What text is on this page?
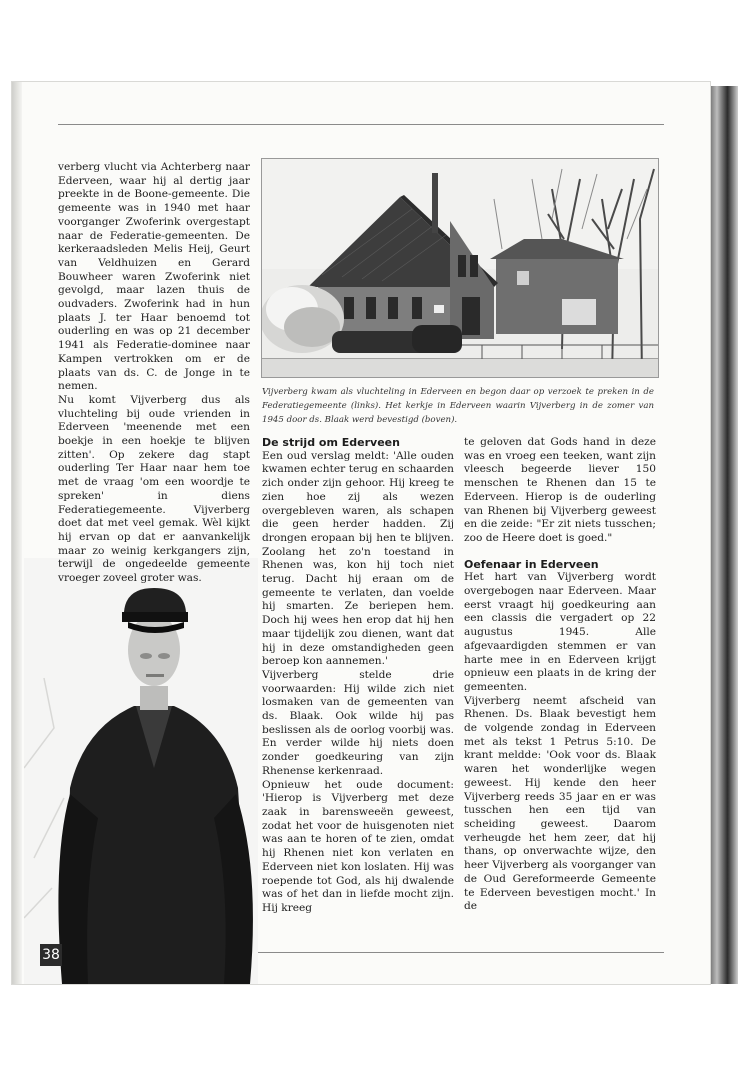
Vijverberg kwam als vluchteling in Ederveen en begon daar op verzoek te preken in de Federatiegemeente (links). Het kerkje in Ederveen waarin Vijverberg in de zomer van 1945 door ds. Blaak werd bevestigd (boven).

verberg vlucht via Achterberg naar Ederveen, waar hij al dertig jaar preekte in de Boone-gemeente. Die gemeente was in 1940 met haar voorganger Zwoferink overgestapt naar de Federatie-gemeenten. De kerkeraadsleden Melis Heij, Geurt van Veldhuizen en Gerard Bouwheer waren Zwoferink niet gevolgd, maar lazen thuis de oudvaders. Zwoferink had in hun plaats J. ter Haar benoemd tot ouderling en was op 21 december 1941 als Federatie-dominee naar Kampen vertrokken om er de plaats van ds. C. de Jonge in te nemen.

Nu komt Vijverberg dus als vluchteling bij oude vrienden in Ederveen 'meenende met een boekje in een hoekje te blijven zitten'. Op zekere dag stapt ouderling Ter Haar naar hem toe met de vraag 'om een woordje te spreken' in diens Federatiegemeente. Vijverberg doet dat met veel gemak. Wèl kijkt hij ervan op dat er aanvankelijk maar zo weinig kerkgangers zijn, terwijl de ongedeelde gemeente vroeger zoveel groter was.

De strijd om Ederveen

Een oud verslag meldt: 'Alle ouden kwamen echter terug en schaarden zich onder zijn gehoor. Hij kreeg te zien hoe zij als wezen overgebleven waren, als schapen die geen herder hadden. Zij drongen eropaan bij hen te blijven. Zoolang het zo'n toestand in Rhenen was, kon hij toch niet terug. Dacht hij eraan om de gemeente te verlaten, dan voelde hij smarten. Ze beriepen hem. Doch hij wees hen erop dat hij hen maar tijdelijk zou dienen, want dat hij in deze omstandigheden geen beroep kon aannemen.'

Vijverberg stelde drie voorwaarden: Hij wilde zich niet losmaken van de gemeenten van ds. Blaak. Ook wilde hij pas beslissen als de oorlog voorbij was. En verder wilde hij niets doen zonder goedkeuring van zijn Rhenense kerkenraad.

Opnieuw het oude document: 'Hierop is Vijverberg met deze zaak in barensweeën geweest, zodat het voor de huisgenoten niet was aan te horen of te zien, omdat hij Rhenen niet kon verlaten en Ederveen niet kon loslaten. Hij was roepende tot God, als hij dwalende was of het dan in liefde mocht zijn. Hij kreeg

te geloven dat Gods hand in deze was en vroeg een teeken, want zijn vleesch begeerde liever 150 menschen te Rhenen dan 15 te Ederveen. Hierop is de ouderling van Rhenen bij Vijverberg geweest en die zeide: "Er zit niets tusschen; zoo de Heere doet is goed."

Oefenaar in Ederveen

Het hart van Vijverberg wordt overgebogen naar Ederveen. Maar eerst vraagt hij goedkeuring aan een classis die vergadert op 22 augustus 1945. Alle afgevaardigden stemmen er van harte mee in en Ederveen krijgt opnieuw een plaats in de kring der gemeenten.

Vijverberg neemt afscheid van Rhenen. Ds. Blaak bevestigt hem de volgende zondag in Ederveen met als tekst 1 Petrus 5:10. De krant meldde: 'Ook voor ds. Blaak waren het wonderlijke wegen geweest. Hij kende den heer Vijverberg reeds 35 jaar en er was tusschen hen een tijd van scheiding geweest. Daarom verheugde het hem zeer, dat hij thans, op onverwachte wijze, den heer Vijverberg als voorganger van de Oud Gereformeerde Gemeente te Ederveen bevestigen mocht.' In de

38
